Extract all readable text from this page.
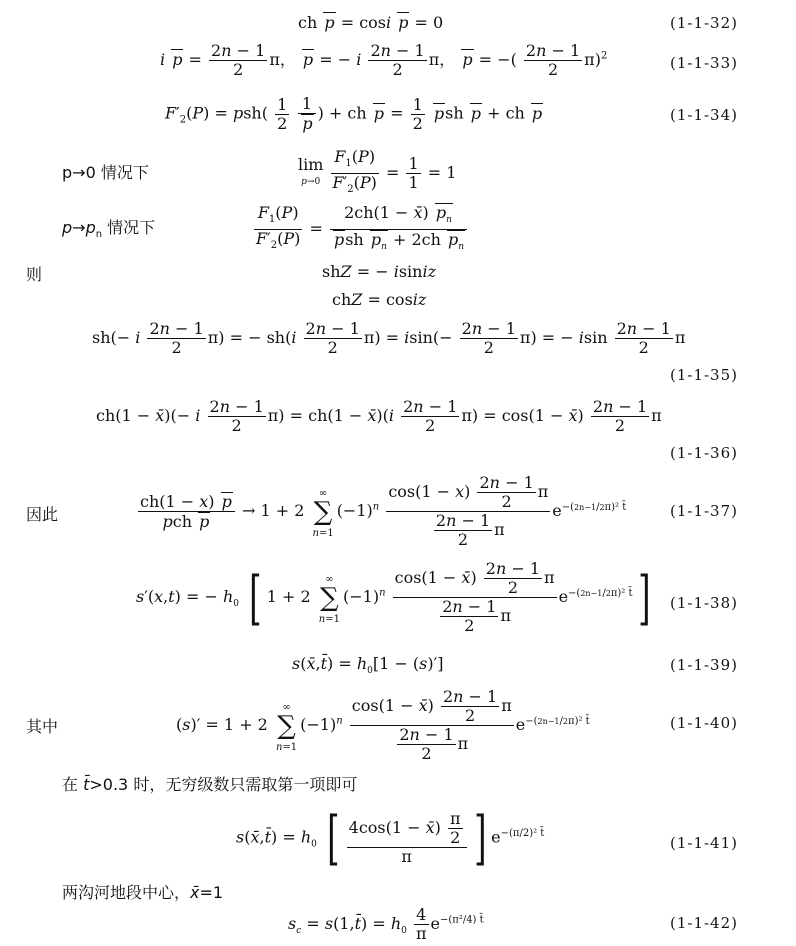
ch p = cosi p = 0	(1-1-32)
i $p = \frac{2n - 1}{2}$ π， p = − i $\frac{2n - 1}{2}$ π， p = −( $\frac{2n - 1}{2} \pi)^2$	(1-1-33)
$F'_2(P) = psh( \frac{1}{2}$
$\frac{1}{p}$ ) + ch $p = \frac{1}{2}$ psh p + ch p	(1-1-34)
p→0 情况下	lim
$p\to 0 \frac{F_1(P)}{F'_2(P)} = \frac{1}{1} = 1$
$p\to p_n$ 情况下	$\frac{F_1(P)}{F'_2(P)} = \frac{2ch(1 - x̄) p_n}{psh p_n + 2ch p_n}$
则	shZ = − isiniz
chZ = cosiz
sh(− i $\frac{2n - 1}{2} \pi$) = − $sh(i \frac{2n - 1}{2} \pi) = isin(- \frac{2n - 1}{2} \pi)$ = − isin $\frac{2n - 1}{2}$ π
(1-1-35)
ch(1 − x̄)(− i $\frac{2n - 1}{2} \pi) = ch(1$ − x̄)(i $\frac{2n - 1}{2} \pi) = \cos(1$ − x̄) $\frac{2n - 1}{2}$ π
(1-1-36)
因此	$\frac{ch(1 - x) p}{\text{pch p}} \to 1 + 2$ ∞
∑
$n=1(-1)^n \frac{\cos(1 - x) \frac{2n - 1}{2} \pi}{\frac{2n - 1}{2} \pi} e^{-(2n-1/2\pi)^2 t̄}$	(1-1-37)
s′(x,t) = − $h_0$ [ 1 + 2 ∞
∑
$n=1(-1)^n \frac{\cos(1 - x̄) \frac{2n - 1}{2} \pi}{\frac{2n - 1}{2} \pi} e^{-(2n-1/2\pi)^2 t̄}$]	(1-1-38)
s(x̄,t̄) = $h_0[1 - (s)']$	(1-1-39)
其中	(s)′ = 1 + 2 ∞
∑
$n=1(-1)^n \frac{\cos(1 - x̄) \frac{2n - 1}{2} \pi}{\frac{2n - 1}{2} \pi} e^{-(2n-1/2\pi)^2 t̄}$	(1-1-40)
在 t̄>0.3 时，无穷级数只需取第一项即可
s(x̄,t̄) = $h_0$ [ $\frac{4\cos(1 - x̄) \frac{\pi}{2}}{\pi}$ ] $e^{-(\pi/2)^2 t̄}$
(1-1-41)
两沟河地段中心，x̄=1
$s_c$ = s(1,t̄) = $h_0 \frac{4}{\pi} e^{-(\pi^2/4) t̄}$	(1-1-42)
